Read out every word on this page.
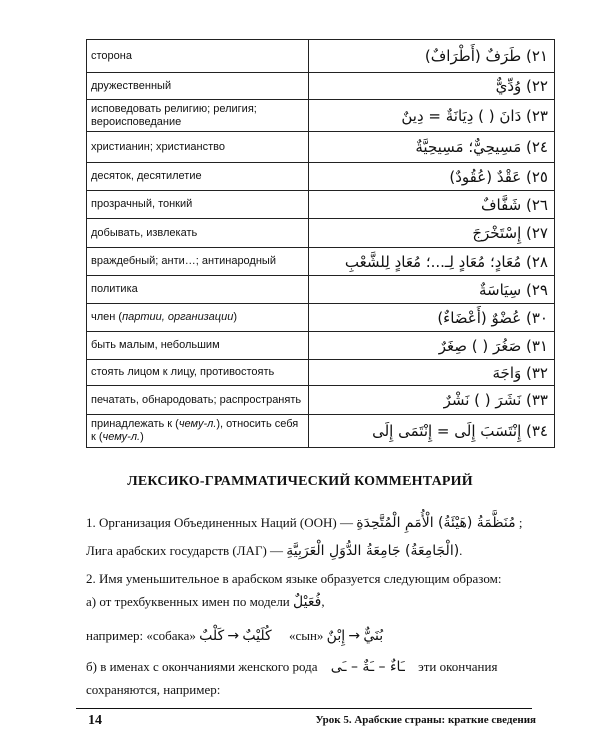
сторона	٢١) طَرَفٌ (أَطْرَافٌ)
дружественный	٢٢) وُدِّيٌّ
исповедовать религию; религия; вероисповедание	٢٣) دَانَ ( ) دِيَانَةٌ = دِينٌ
христианин; христианство	٢٤) مَسِيحِيٌّ؛ مَسِيحِيَّةٌ
десяток, десятилетие	٢٥) عَقْدٌ (عُقُودٌ)
прозрачный, тонкий	٢٦) شَفَّافٌ
добывать, извлекать	٢٧) إِسْتَخْرَجَ
враждебный; анти…; антинародный	٢٨) مُعَادٍ؛ مُعَادٍ لِـ...؛ مُعَادٍ لِلشَّعْبِ
политика	٢٩) سِيَاسَةٌ
член (партии, организации)	٣٠) عُضْوٌ (أَعْضَاءٌ)
быть малым, небольшим	٣١) صَغُرَ ( ) صِغَرٌ
стоять лицом к лицу, противостоять	٣٢) وَاجَهَ
печатать, обнародовать; распространять	٣٣) نَشَرَ ( ) نَشْرٌ
принадлежать к (чему-л.), относить себя к (чему-л.)	٣٤) إِنْتَسَبَ إِلَى = إِنْتَمَى إِلَى
ЛЕКСИКО-ГРАММАТИЧЕСКИЙ КОММЕНТАРИЙ
1. Организация Объединенных Наций (ООН) — مُنَظَّمَةُ (هَيْئَةُ) الْأُمَمِ الْمُتَّحِدَةِ ;
Лига арабских государств (ЛАГ) — (الْجَامِعَةُ) جَامِعَةُ الدُّوَلِ الْعَرَبِيَّةِ.
2. Имя уменьшительное в арабском языке образуется следующим образом:
а) от трехбуквенных имен по модели فُعَيْلٌ,
например: «собака» كَلْبٌ → كُلَيْبٌ «сын» إِبْنٌ → بُنَيٌّ
б) в именах с окончаниями женского рода ـَاءٌ – ـَةٌ – ـَى эти окончания
сохраняются, например:
14	Урок 5. Арабские страны: краткие сведения
